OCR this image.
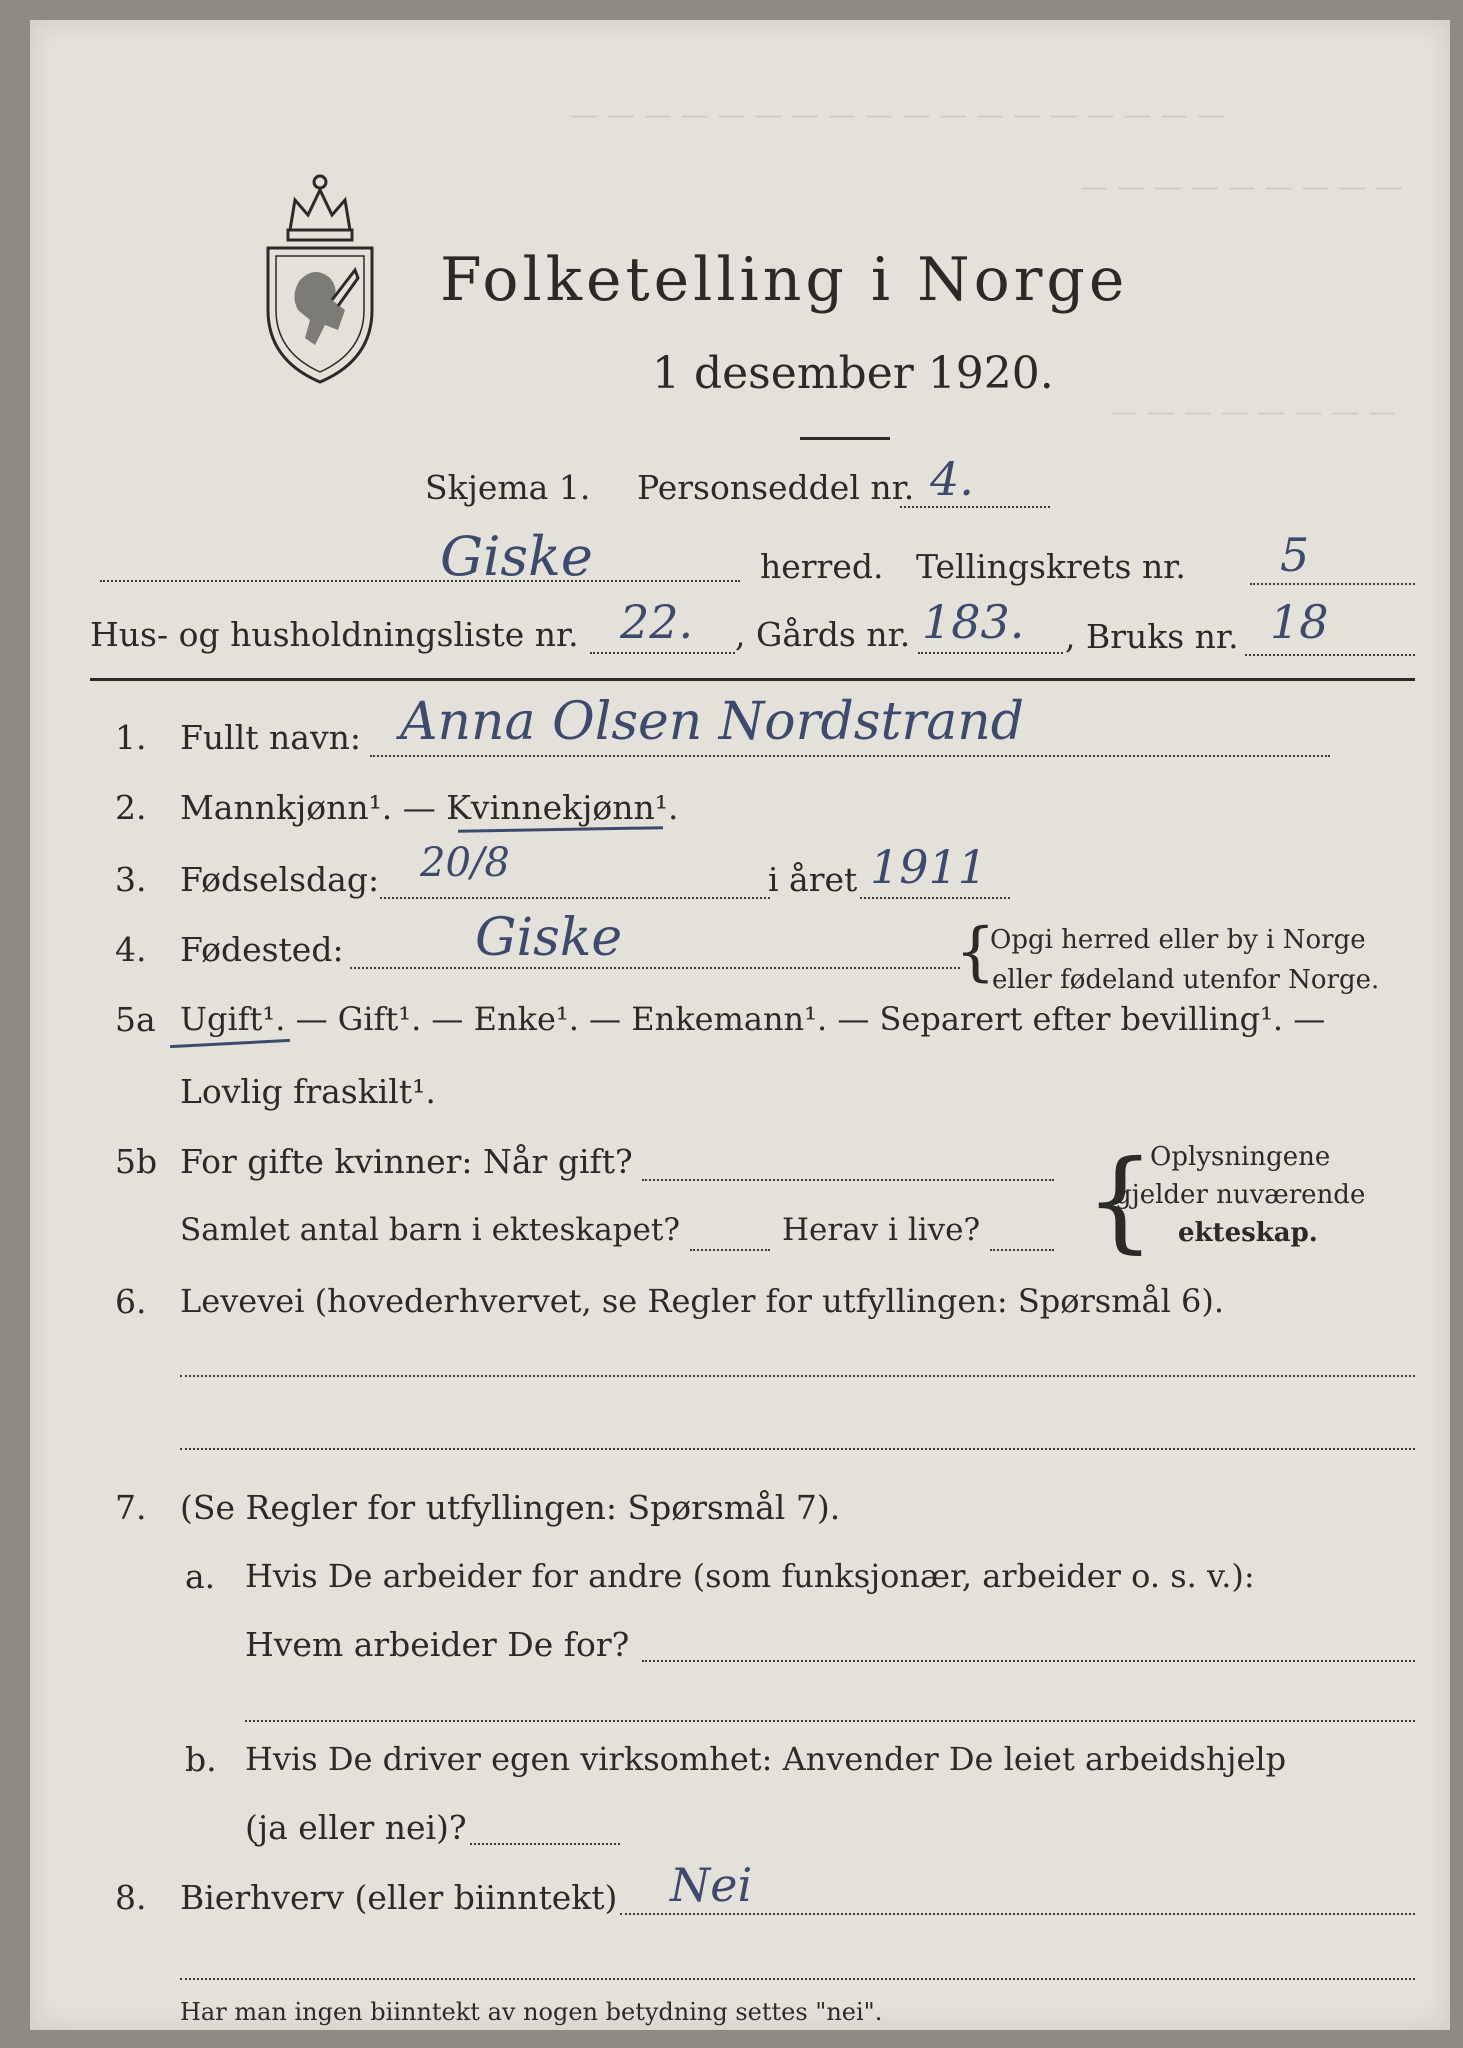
— — — — — — — — — — — — — — — — — —
— — — — — — — — —
— — — — — — — —
Folketelling i Norge
1 desember 1920.
Skjema 1. Personseddel nr. 4.
Giske	herred. Tellingskrets nr. 5
Hus- og husholdningsliste nr. 22. , Gårds nr. 183. , Bruks nr. 18
1. Fullt navn: Anna Olsen Nordstrand
2. Mannkjønn¹. — Kvinnekjønn¹.
3. Fødselsdag: 20/8	i året 1911
4. Fødested:	Giske	{
Opgi herred eller by i Norge
eller fødeland utenfor Norge.
5a Ugift¹. — Gift¹. — Enke¹. — Enkemann¹. — Separert efter bevilling¹. —
Lovlig fraskilt¹.
5b For gifte kvinner: Når gift?
Samlet antal barn i ekteskapet?	Herav i live? {
Oplysningene
gjelder nuværende
ekteskap.
6. Levevei (hovederhvervet, se Regler for utfyllingen: Spørsmål 6).
7. (Se Regler for utfyllingen: Spørsmål 7).
a. Hvis De arbeider for andre (som funksjonær, arbeider o. s. v.):
Hvem arbeider De for?
b. Hvis De driver egen virksomhet: Anvender De leiet arbeidshjelp
(ja eller nei)?
8. Bierhverv (eller biinntekt) Nei
Har man ingen biinntekt av nogen betydning settes "nei".
